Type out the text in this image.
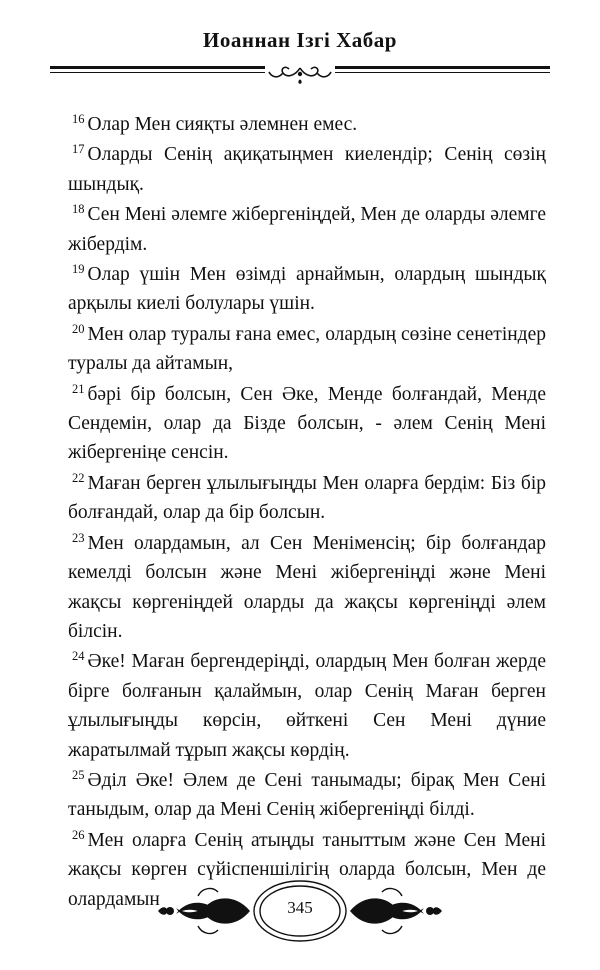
Иоаннан Ізгі Хабар

$^{16}$ Олар Мен сияқты әлемнен емес.

$^{17}$ Оларды Сенің ақиқатыңмен киелендір; Сенің сөзің шындық.

$^{18}$ Сен Мені әлемге жібергеніңдей, Мен де оларды әлемге жібердім.

$^{19}$ Олар үшін Мен өзімді арнаймын, олардың шындық арқылы киелі болулары үшін.

$^{20}$ Мен олар туралы ғана емес, олардың сөзіне сенетіндер туралы да айтамын,

$^{21}$ бәрі бір болсын, Сен Әке, Менде болғандай, Менде Сендемін, олар да Бізде болсын, - әлем Сенің Мені жібергеніңе сенсін.

$^{22}$ Маған берген ұлылығыңды Мен оларға бердім: Біз бір болғандай, олар да бір болсын.

$^{23}$ Мен олардамын, ал Сен Меніменсің; бір болғандар кемелді болсын және Мені жібергеніңді және Мені жақсы көргеніңдей оларды да жақсы көргеніңді әлем білсін.

$^{24}$ Әке! Маған бергендеріңді, олардың Мен болған жерде бірге болғанын қалаймын, олар Сенің Маған берген ұлылығыңды көрсін, өйткені Сен Мені дүние жаратылмай тұрып жақсы көрдің.

$^{25}$ Әділ Әке! Әлем де Сені танымады; бірақ Мен Сені таныдым, олар да Мені Сенің жібергеніңді білді.

$^{26}$ Мен оларға Сенің атыңды таныттым және Сен Мені жақсы көрген сүйіспеншілігің оларда болсын, Мен де олардамын	345
